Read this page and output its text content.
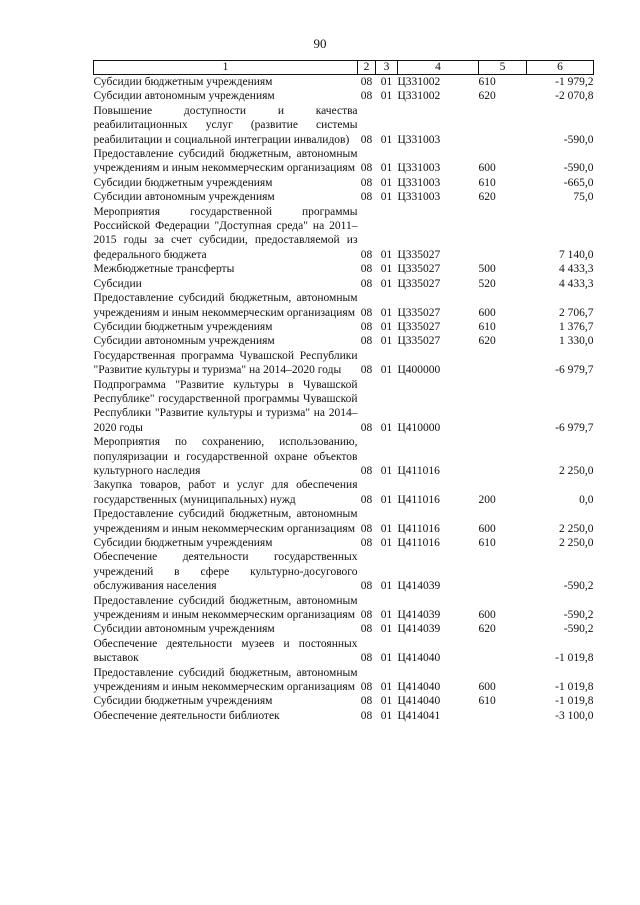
90
1	2	3	4	5	6
Субсидии бюджетным учреждениям	08	01	Ц331002	610	-1 979,2
Субсидии автономным учреждениям	08	01	Ц331002	620	-2 070,8
Повышение доступности и качества реабилитационных услуг (развитие системы реабилитации и социальной интеграции инвалидов)	08	01	Ц331003		-590,0
Предоставление субсидий бюджетным, автономным учреждениям и иным некоммерческим организациям	08	01	Ц331003	600	-590,0
Субсидии бюджетным учреждениям	08	01	Ц331003	610	-665,0
Субсидии автономным учреждениям	08	01	Ц331003	620	75,0
Мероприятия государственной программы Российской Федерации "Доступная среда" на 2011–2015 годы за счет субсидии, предоставляемой из федерального бюджета	08	01	Ц335027		7 140,0
Межбюджетные трансферты	08	01	Ц335027	500	4 433,3
Субсидии	08	01	Ц335027	520	4 433,3
Предоставление субсидий бюджетным, автономным учреждениям и иным некоммерческим организациям	08	01	Ц335027	600	2 706,7
Субсидии бюджетным учреждениям	08	01	Ц335027	610	1 376,7
Субсидии автономным учреждениям	08	01	Ц335027	620	1 330,0
Государственная программа Чувашской Республики "Развитие культуры и туризма" на 2014–2020 годы	08	01	Ц400000		-6 979,7
Подпрограмма "Развитие культуры в Чувашской Республике" государственной программы Чувашской Республики "Развитие культуры и туризма" на 2014–2020 годы	08	01	Ц410000		-6 979,7
Мероприятия по сохранению, использованию, популяризации и государственной охране объектов культурного наследия	08	01	Ц411016		2 250,0
Закупка товаров, работ и услуг для обеспечения государственных (муниципальных) нужд	08	01	Ц411016	200	0,0
Предоставление субсидий бюджетным, автономным учреждениям и иным некоммерческим организациям	08	01	Ц411016	600	2 250,0
Субсидии бюджетным учреждениям	08	01	Ц411016	610	2 250,0
Обеспечение деятельности государственных учреждений в сфере культурно-досугового обслуживания населения	08	01	Ц414039		-590,2
Предоставление субсидий бюджетным, автономным учреждениям и иным некоммерческим организациям	08	01	Ц414039	600	-590,2
Субсидии автономным учреждениям	08	01	Ц414039	620	-590,2
Обеспечение деятельности музеев и постоянных выставок	08	01	Ц414040		-1 019,8
Предоставление субсидий бюджетным, автономным учреждениям и иным некоммерческим организациям	08	01	Ц414040	600	-1 019,8
Субсидии бюджетным учреждениям	08	01	Ц414040	610	-1 019,8
Обеспечение деятельности библиотек	08	01	Ц414041		-3 100,0
